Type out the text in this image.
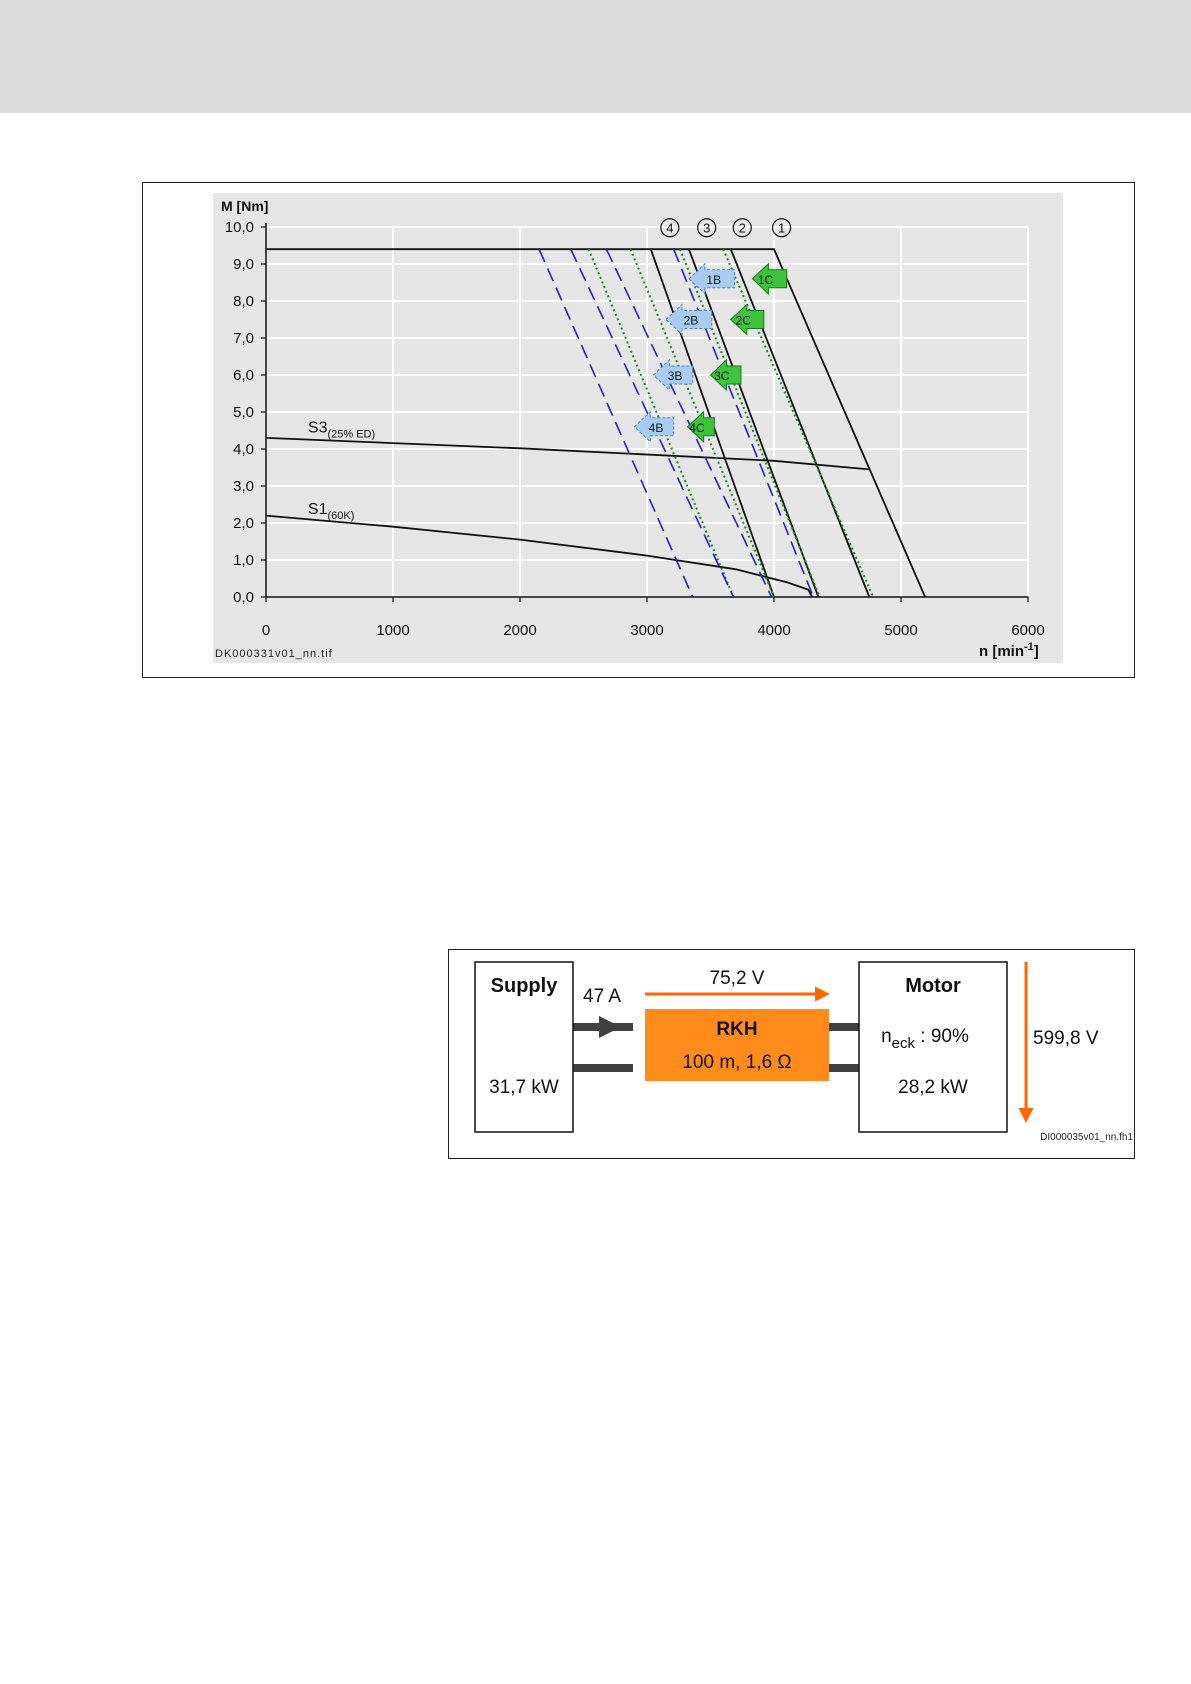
1B	1C
2B	2C
3B	3C
4B 4C
0	1000	2000	3000	4000	5000	6000
0,0
1,0
2,0
3,0
4,0
5,0
6,0
7,0
8,0
9,0
10,0	4 3 2 1
M [Nm]
n $[\min^{-1}]$
DK000331v01_nn.tif
$S3_{(25\% ED)}$
$S1_{(60K)}$
Supply
31,7 kW
47 A
75,2 V
RKH
100 m, 1,6 Ω
Motor
$n_{eck}$ : 90%
28,2 kW
599,8 V
DI000035v01_nn.fh11
